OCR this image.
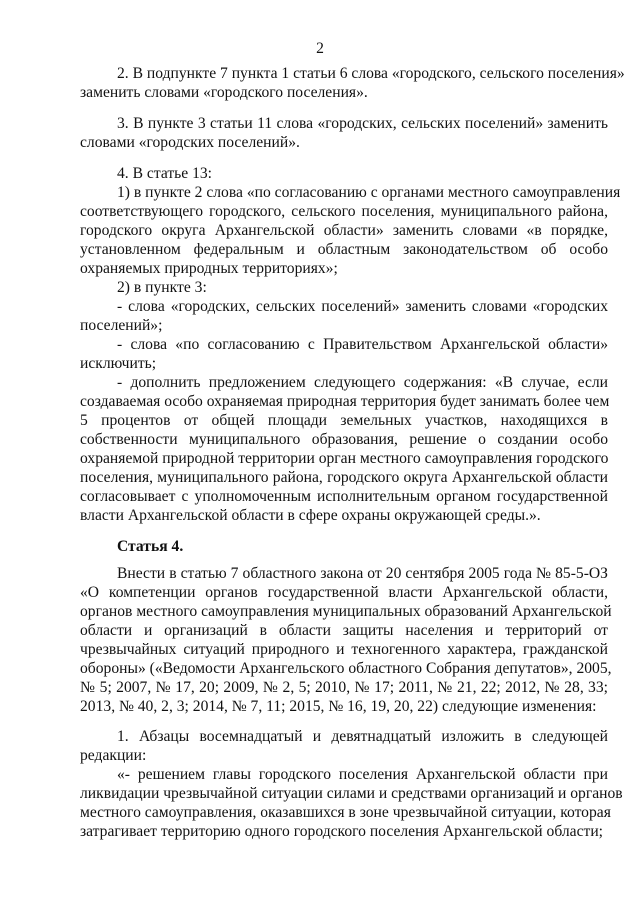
2
2. В подпункте 7 пункта 1 статьи 6 слова «городского, сельского поселения»
заменить словами «городского поселения».
3. В пункте 3 статьи 11 слова «городских, сельских поселений» заменить
словами «городских поселений».
4. В статье 13:
1) в пункте 2 слова «по согласованию с органами местного самоуправления
соответствующего городского, сельского поселения, муниципального района,
городского округа Архангельской области» заменить словами «в порядке,
установленном федеральным и областным законодательством об особо
охраняемых природных территориях»;
2) в пункте 3:
- слова «городских, сельских поселений» заменить словами «городских
поселений»;
- слова «по согласованию с Правительством Архангельской области»
исключить;
- дополнить предложением следующего содержания: «В случае, если
создаваемая особо охраняемая природная территория будет занимать более чем
5 процентов от общей площади земельных участков, находящихся в
собственности муниципального образования, решение о создании особо
охраняемой природной территории орган местного самоуправления городского
поселения, муниципального района, городского округа Архангельской области
согласовывает с уполномоченным исполнительным органом государственной
власти Архангельской области в сфере охраны окружающей среды.».
Статья 4.
Внести в статью 7 областного закона от 20 сентября 2005 года № 85-5-ОЗ
«О компетенции органов государственной власти Архангельской области,
органов местного самоуправления муниципальных образований Архангельской
области и организаций в области защиты населения и территорий от
чрезвычайных ситуаций природного и техногенного характера, гражданской
обороны» («Ведомости Архангельского областного Собрания депутатов», 2005,
№ 5; 2007, № 17, 20; 2009, № 2, 5; 2010, № 17; 2011, № 21, 22; 2012, № 28, 33;
2013, № 40, 2, 3; 2014, № 7, 11; 2015, № 16, 19, 20, 22) следующие изменения:
1. Абзацы восемнадцатый и девятнадцатый изложить в следующей
редакции:
«- решением главы городского поселения Архангельской области при
ликвидации чрезвычайной ситуации силами и средствами организаций и органов
местного самоуправления, оказавшихся в зоне чрезвычайной ситуации, которая
затрагивает территорию одного городского поселения Архангельской области;
